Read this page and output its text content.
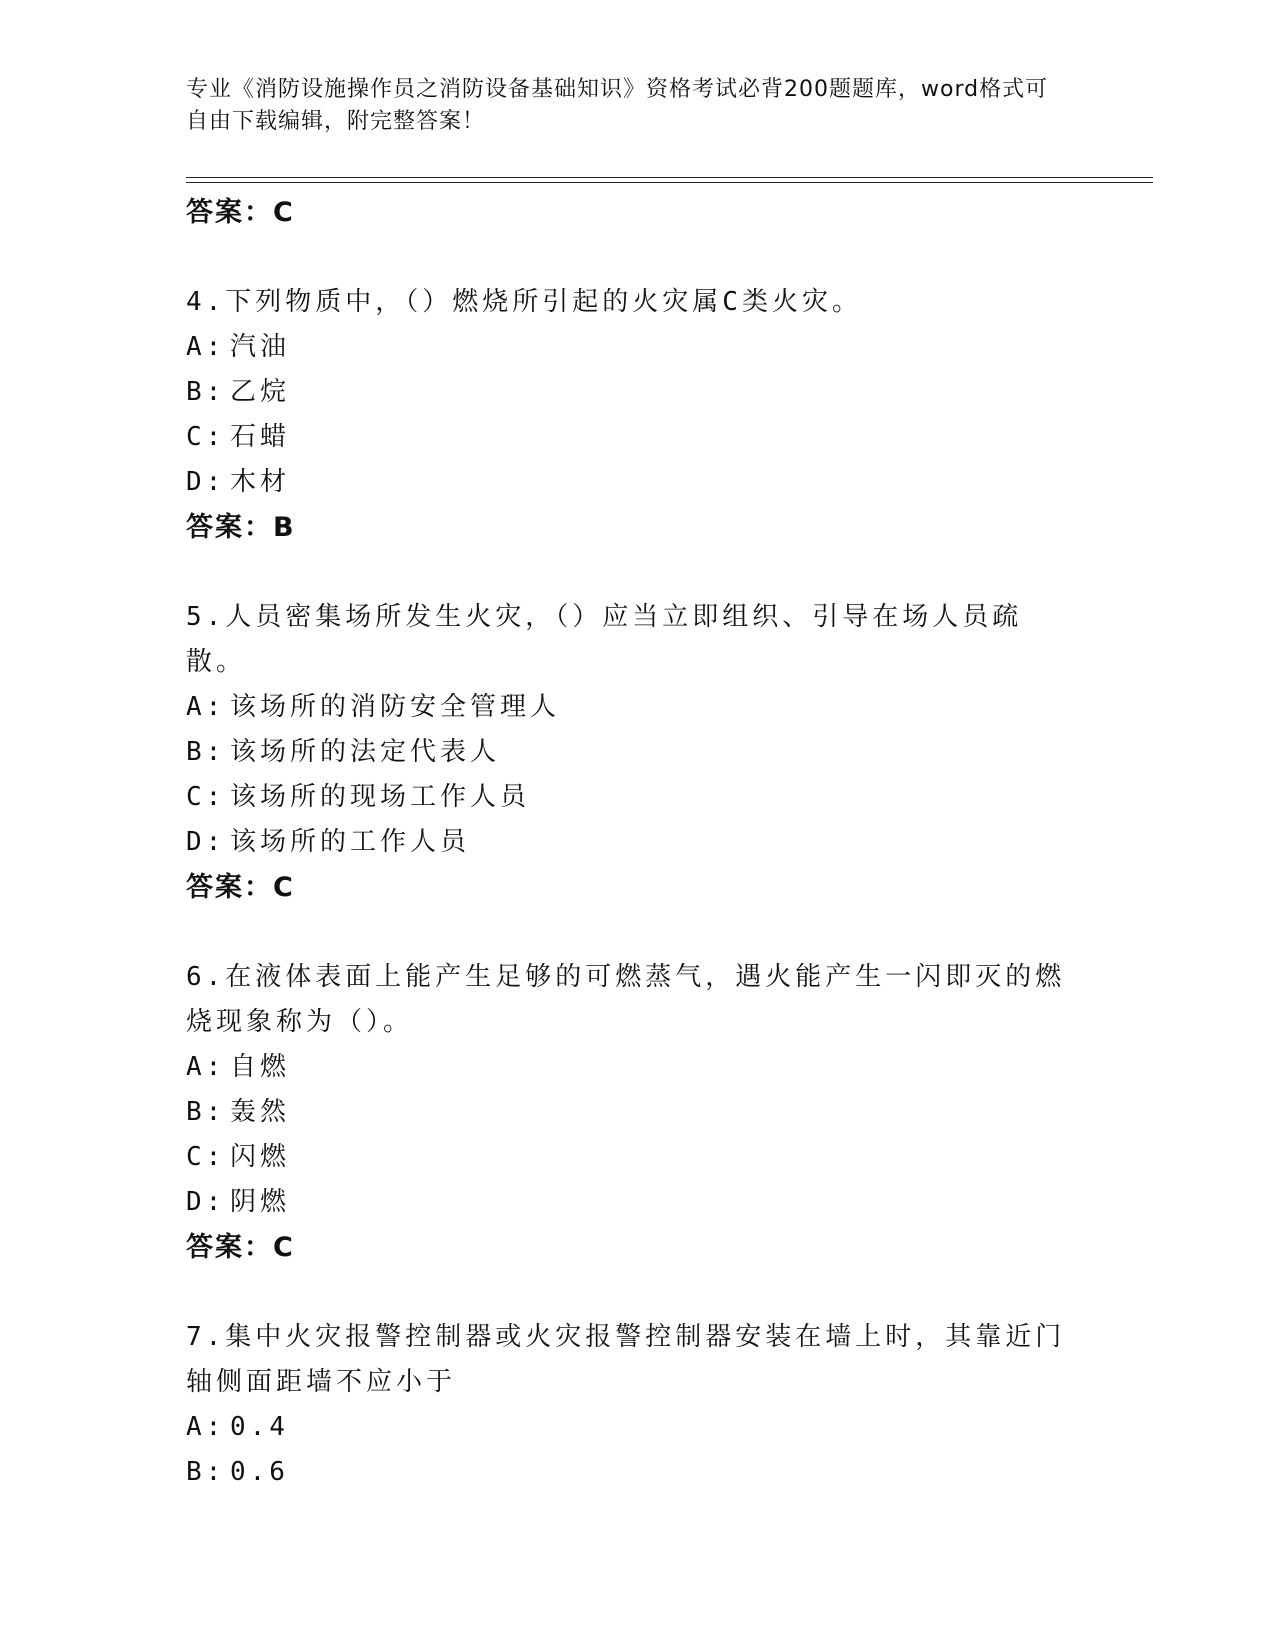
专业《消防设施操作员之消防设备基础知识》资格考试必背200题题库，word格式可自由下载编辑，附完整答案！
答案：C
4.下列物质中，（）燃烧所引起的火灾属C类火灾。
A: 汽油
B: 乙烷
C: 石蜡
D: 木材
答案：B
5.人员密集场所发生火灾，（）应当立即组织、引导在场人员疏散。
A: 该场所的消防安全管理人
B: 该场所的法定代表人
C: 该场所的现场工作人员
D: 该场所的工作人员
答案：C
6.在液体表面上能产生足够的可燃蒸气，遇火能产生一闪即灭的燃烧现象称为（）。
A: 自燃
B: 轰然
C: 闪燃
D: 阴燃
答案：C
7.集中火灾报警控制器或火灾报警控制器安装在墙上时，其靠近门轴侧面距墙不应小于
A: 0.4
B: 0.6
